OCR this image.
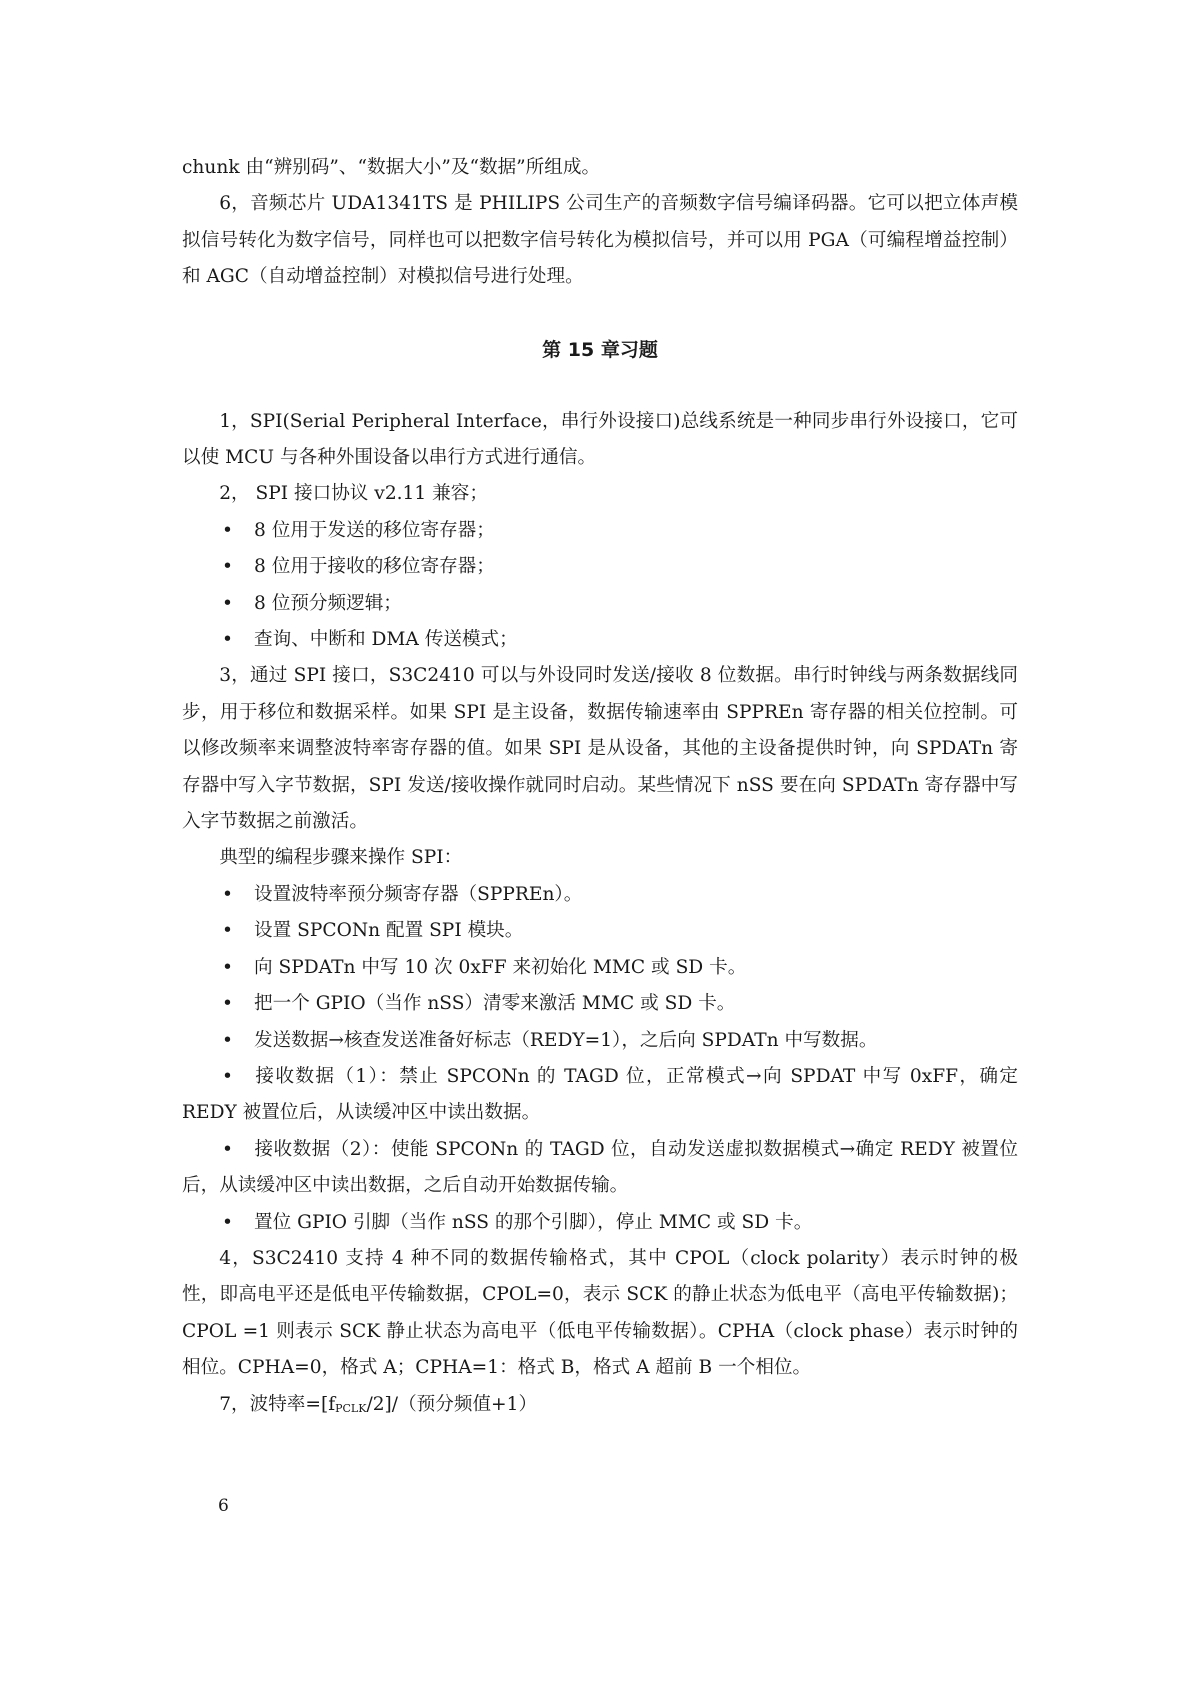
chunk 由“辨别码”、“数据大小”及“数据”所组成。

6，音频芯片 UDA1341TS 是 PHILIPS 公司生产的音频数字信号编译码器。它可以把立体声模拟信号转化为数字信号，同样也可以把数字信号转化为模拟信号，并可以用 PGA（可编程增益控制）和 AGC（自动增益控制）对模拟信号进行处理。

第 15 章习题

1，SPI(Serial Peripheral Interface，串行外设接口)总线系统是一种同步串行外设接口，它可以使 MCU 与各种外围设备以串行方式进行通信。

2， SPI 接口协议 v2.11 兼容；

• 8 位用于发送的移位寄存器；
• 8 位用于接收的移位寄存器；
• 8 位预分频逻辑；
• 查询、中断和 DMA 传送模式；

3，通过 SPI 接口，S3C2410 可以与外设同时发送/接收 8 位数据。串行时钟线与两条数据线同步，用于移位和数据采样。如果 SPI 是主设备，数据传输速率由 SPPREn 寄存器的相关位控制。可以修改频率来调整波特率寄存器的值。如果 SPI 是从设备，其他的主设备提供时钟，向 SPDATn 寄存器中写入字节数据，SPI 发送/接收操作就同时启动。某些情况下 nSS 要在向 SPDATn 寄存器中写入字节数据之前激活。

典型的编程步骤来操作 SPI：

• 设置波特率预分频寄存器（SPPREn）。
• 设置 SPCONn 配置 SPI 模块。
• 向 SPDATn 中写 10 次 0xFF 来初始化 MMC 或 SD 卡。
• 把一个 GPIO（当作 nSS）清零来激活 MMC 或 SD 卡。
• 发送数据→核查发送准备好标志（REDY=1），之后向 SPDATn 中写数据。

• 接收数据（1）：禁止 SPCONn 的 TAGD 位，正常模式→向 SPDAT 中写 0xFF，确定 REDY 被置位后，从读缓冲区中读出数据。

• 接收数据（2）：使能 SPCONn 的 TAGD 位，自动发送虚拟数据模式→确定 REDY 被置位后，从读缓冲区中读出数据，之后自动开始数据传输。

• 置位 GPIO 引脚（当作 nSS 的那个引脚），停止 MMC 或 SD 卡。

4，S3C2410 支持 4 种不同的数据传输格式，其中 CPOL（clock polarity）表示时钟的极性，即高电平还是低电平传输数据，CPOL=0，表示 SCK 的静止状态为低电平（高电平传输数据)；CPOL =1 则表示 SCK 静止状态为高电平（低电平传输数据）。CPHA（clock phase）表示时钟的相位。CPHA=0，格式 A；CPHA=1：格式 B，格式 A 超前 B 一个相位。

7，波特率$=[f_{PCLK}/2]/$（预分频值+1）

6
